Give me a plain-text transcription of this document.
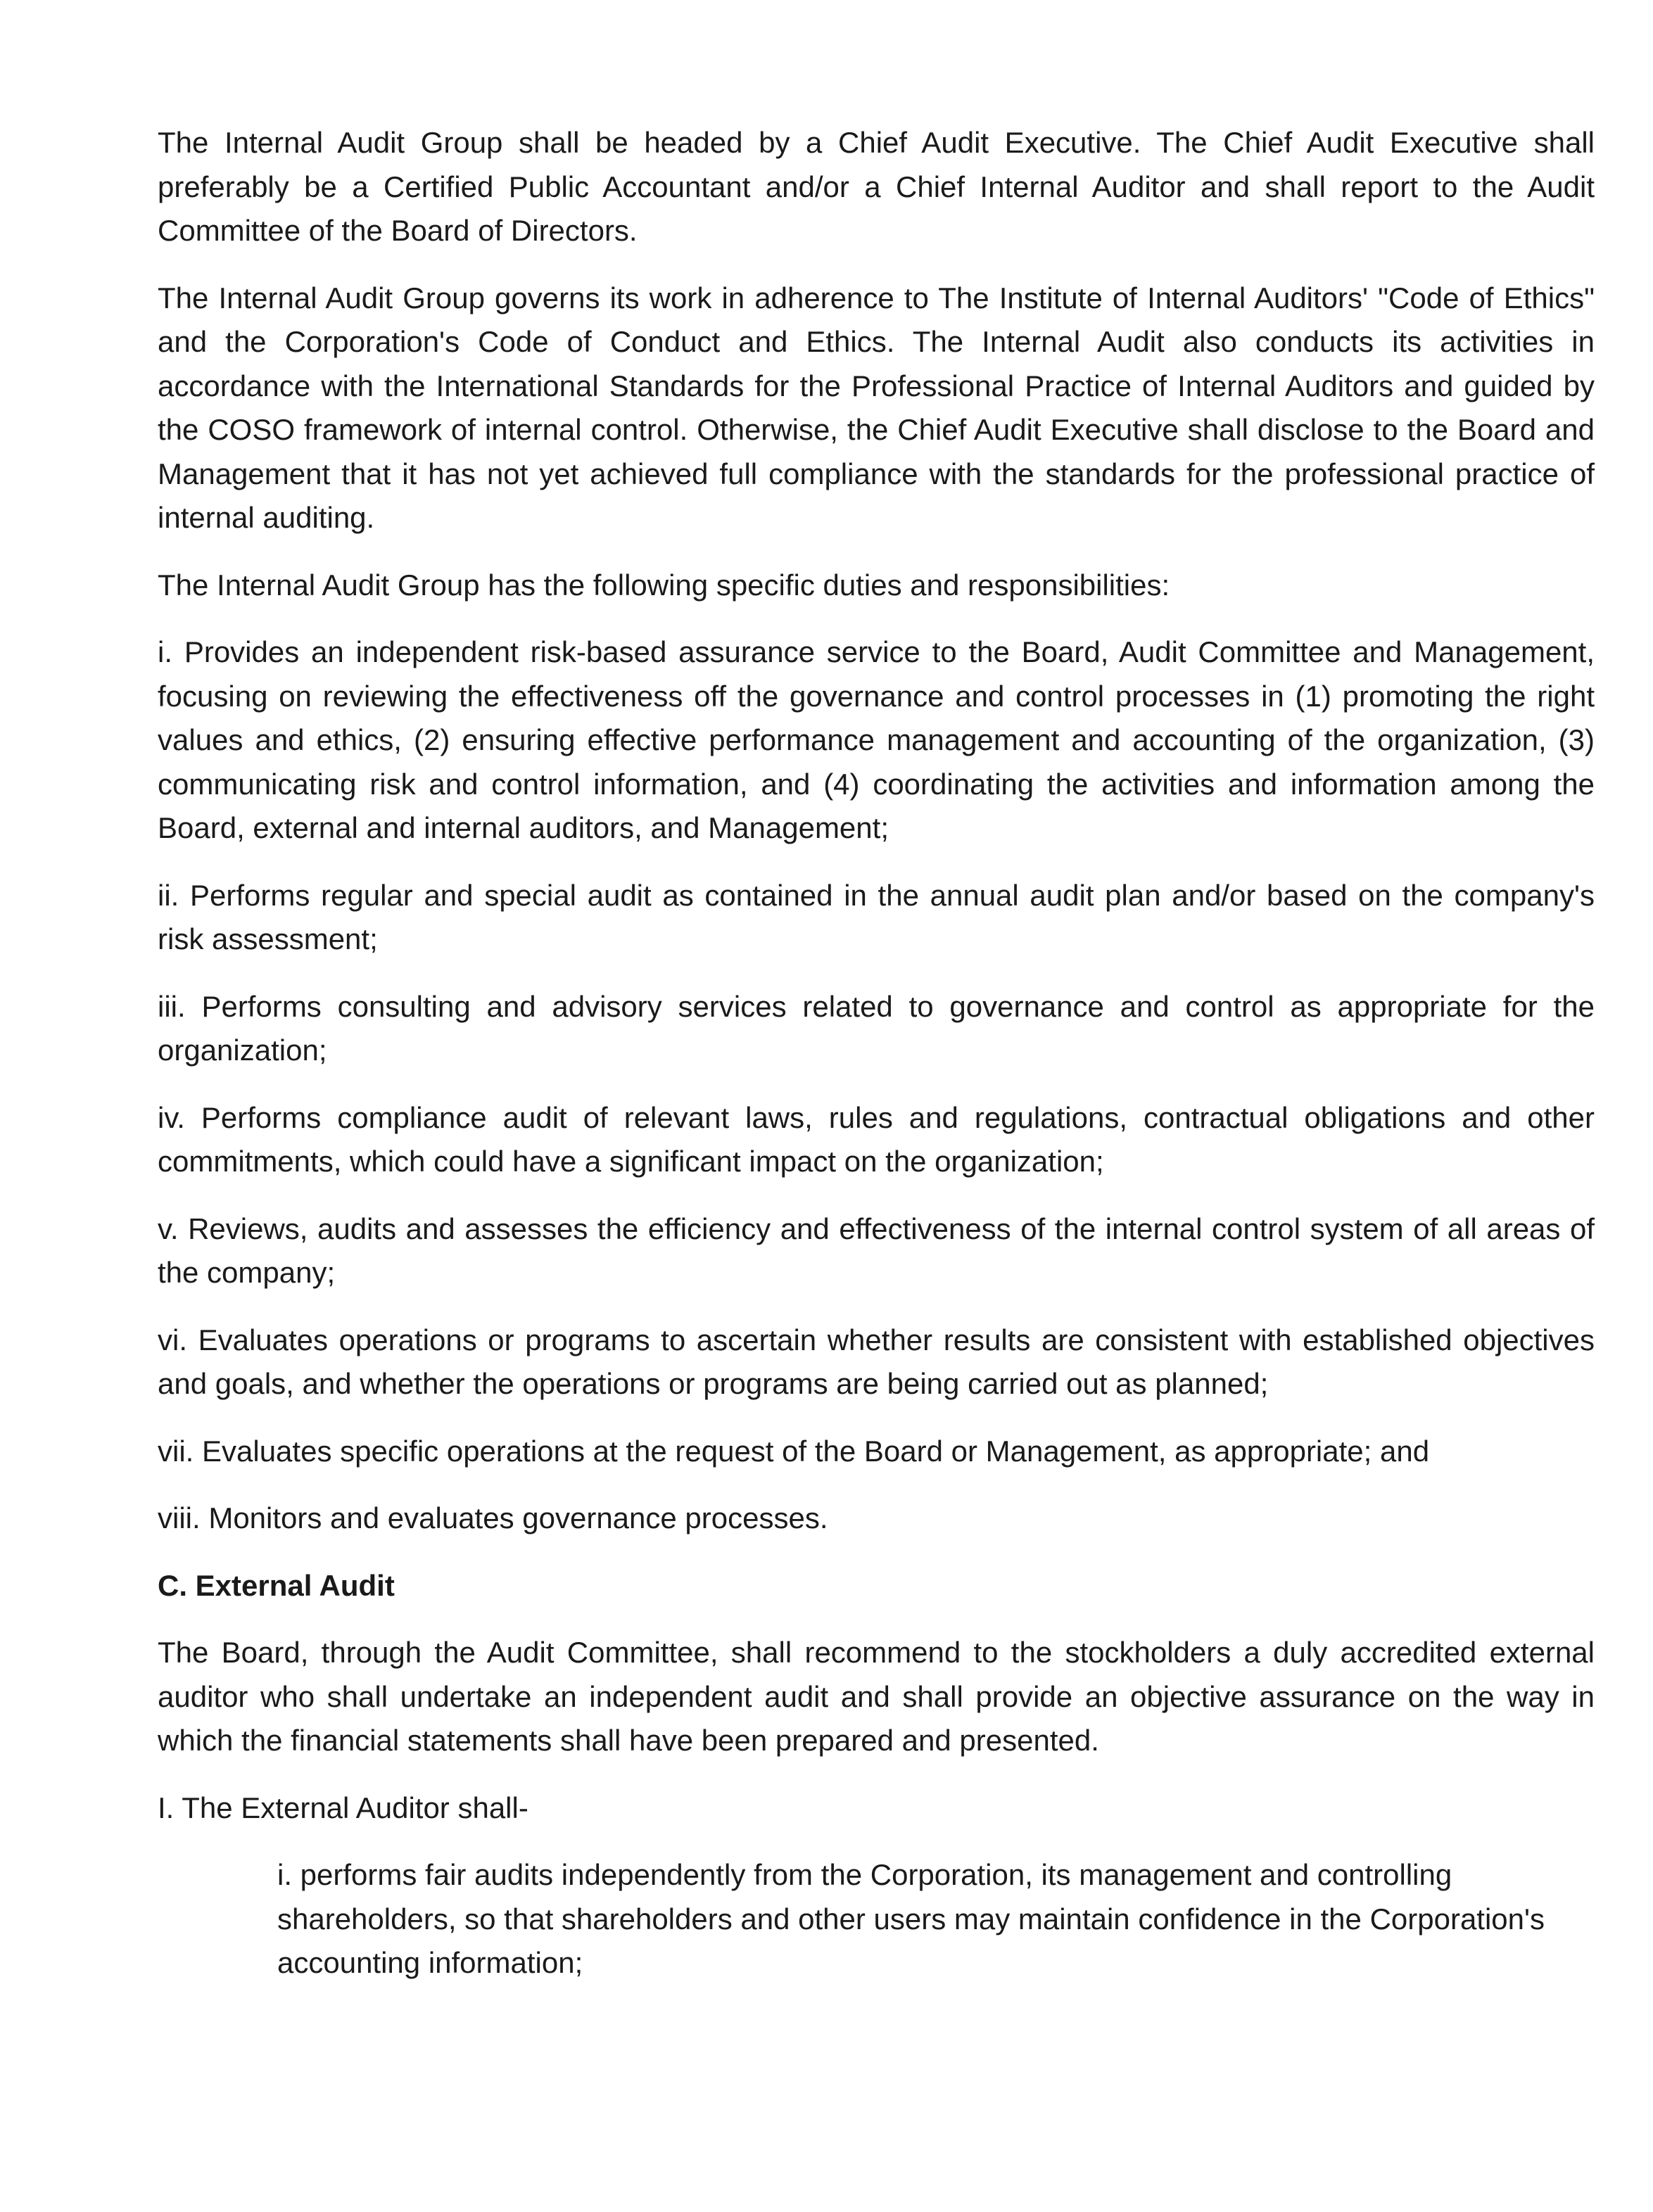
The Internal Audit Group shall be headed by a Chief Audit Executive. The Chief Audit Executive shall preferably be a Certified Public Accountant and/or a Chief Internal Auditor and shall report to the Audit Committee of the Board of Directors.

The Internal Audit Group governs its work in adherence to The Institute of Internal Auditors' "Code of Ethics" and the Corporation's Code of Conduct and Ethics. The Internal Audit also conducts its activities in accordance with the International Standards for the Professional Practice of Internal Auditors and guided by the COSO framework of internal control. Otherwise, the Chief Audit Executive shall disclose to the Board and Management that it has not yet achieved full compliance with the standards for the professional practice of internal auditing.

The Internal Audit Group has the following specific duties and responsibilities:

i. Provides an independent risk-based assurance service to the Board, Audit Committee and Management, focusing on reviewing the effectiveness off the governance and control processes in (1) promoting the right values and ethics, (2) ensuring effective performance management and accounting of the organization, (3) communicating risk and control information, and (4) coordinating the activities and information among the Board, external and internal auditors, and Management;

ii. Performs regular and special audit as contained in the annual audit plan and/or based on the company's risk assessment;

iii. Performs consulting and advisory services related to governance and control as appropriate for the organization;

iv. Performs compliance audit of relevant laws, rules and regulations, contractual obligations and other commitments, which could have a significant impact on the organization;

v. Reviews, audits and assesses the efficiency and effectiveness of the internal control system of all areas of the company;

vi. Evaluates operations or programs to ascertain whether results are consistent with established objectives and goals, and whether the operations or programs are being carried out as planned;

vii. Evaluates specific operations at the request of the Board or Management, as appropriate; and

viii. Monitors and evaluates governance processes.

C. External Audit

The Board, through the Audit Committee, shall recommend to the stockholders a duly accredited external auditor who shall undertake an independent audit and shall provide an objective assurance on the way in which the financial statements shall have been prepared and presented.

I. The External Auditor shall-

i. performs fair audits independently from the Corporation, its management and controlling shareholders, so that shareholders and other users may maintain confidence in the Corporation's accounting information;
